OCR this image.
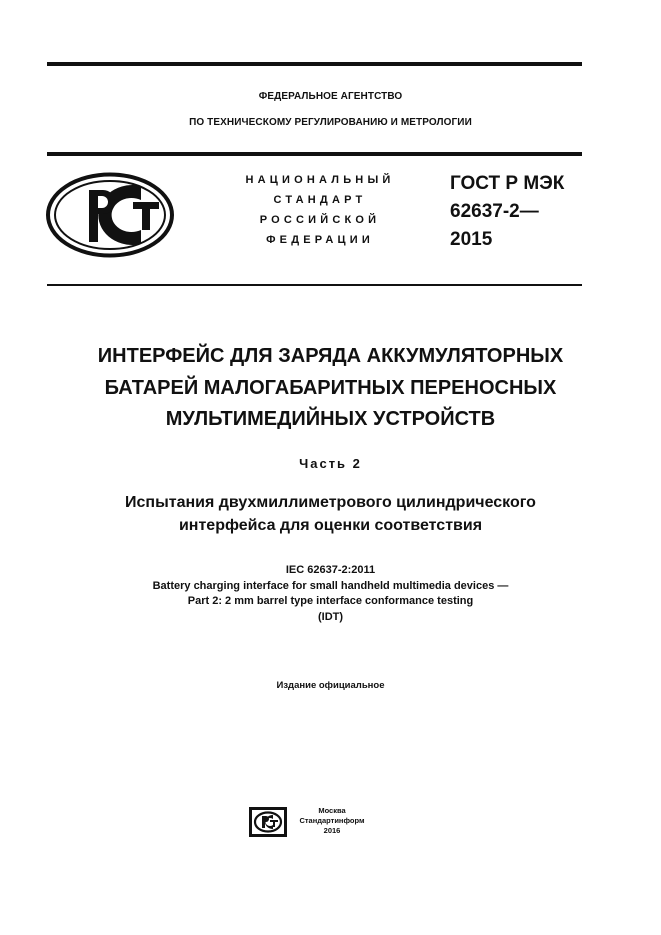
ФЕДЕРАЛЬНОЕ АГЕНТСТВО
ПО ТЕХНИЧЕСКОМУ РЕГУЛИРОВАНИЮ И МЕТРОЛОГИИ
НАЦИОНАЛЬНЫЙ
СТАНДАРТ
РОССИЙСКОЙ
ФЕДЕРАЦИИ
ГОСТ Р МЭК
62637-2—
2015
ИНТЕРФЕЙС ДЛЯ ЗАРЯДА АККУМУЛЯТОРНЫХ
БАТАРЕЙ МАЛОГАБАРИТНЫХ ПЕРЕНОСНЫХ
МУЛЬТИМЕДИЙНЫХ УСТРОЙСТВ
Часть 2
Испытания двухмиллиметрового цилиндрического
интерфейса для оценки соответствия
IEC 62637-2:2011
Battery charging interface for small handheld multimedia devices —
Part 2: 2 mm barrel type interface conformance testing
(IDT)
Издание официальное
Москва
Стандартинформ
2016
